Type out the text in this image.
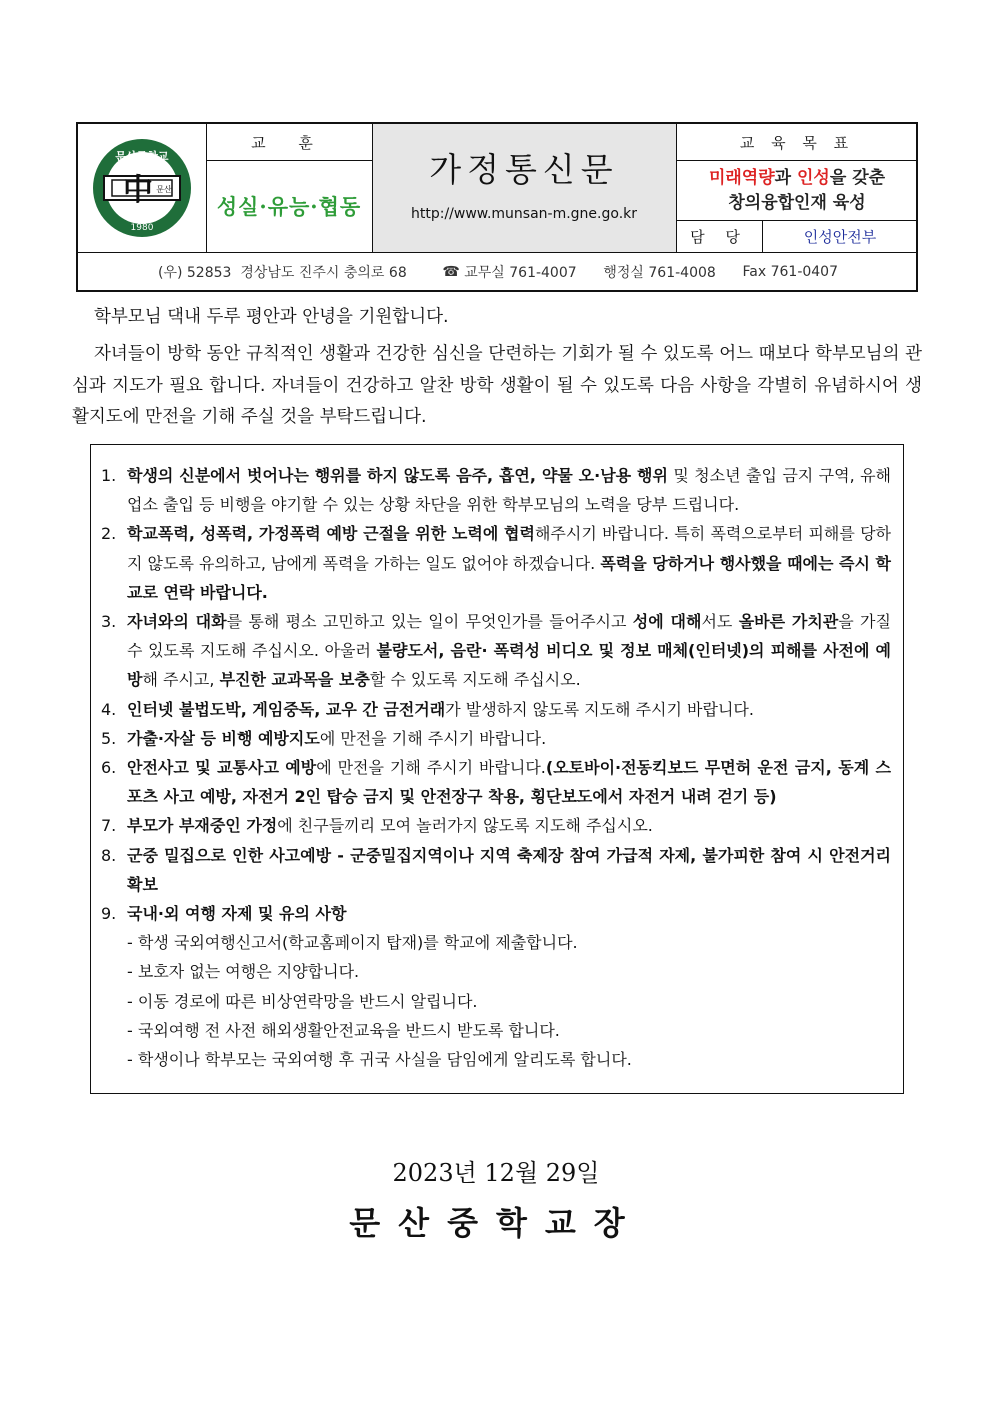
문산중학교
1980
中 문산
교 훈
성실·유능·협동
가정통신문
http://www.munsan-m.gne.go.kr
교 육 목 표
미래역량과 인성을 갖춘
창의융합인재 육성
담 당	인성안전부
(우) 52853  경상남도 진주시 충의로 68
	☎ 교무실 761-4007
행정실 761-4008
Fax 761-0407
학부모님 댁내 두루 평안과 안녕을 기원합니다.
자녀들이 방학 동안 규칙적인 생활과 건강한 심신을 단련하는 기회가 될 수 있도록 어느 때보다 학부모님의 관심과 지도가 필요 합니다. 자녀들이 건강하고 알찬 방학 생활이 될 수 있도록 다음 사항을 각별히 유념하시어 생활지도에 만전을 기해 주실 것을 부탁드립니다.
1. 학생의 신분에서 벗어나는 행위를 하지 않도록 음주, 흡연, 약물 오·남용 행위 및 청소년 출입 금지 구역, 유해 업소 출입 등 비행을 야기할 수 있는 상황 차단을 위한 학부모님의 노력을 당부 드립니다.
2. 학교폭력, 성폭력, 가정폭력 예방 근절을 위한 노력에 협력해주시기 바랍니다. 특히 폭력으로부터 피해를 당하지 않도록 유의하고, 남에게 폭력을 가하는 일도 없어야 하겠습니다. 폭력을 당하거나 행사했을 때에는 즉시 학교로 연락 바랍니다.
3. 자녀와의 대화를 통해 평소 고민하고 있는 일이 무엇인가를 들어주시고 성에 대해서도 올바른 가치관을 가질 수 있도록 지도해 주십시오. 아울러 불량도서, 음란· 폭력성 비디오 및 정보 매체(인터넷)의 피해를 사전에 예방해 주시고, 부진한 교과목을 보충할 수 있도록 지도해 주십시오.
4. 인터넷 불법도박, 게임중독, 교우 간 금전거래가 발생하지 않도록 지도해 주시기 바랍니다.
5. 가출·자살 등 비행 예방지도에 만전을 기해 주시기 바랍니다.
6. 안전사고 및 교통사고 예방에 만전을 기해 주시기 바랍니다.(오토바이·전동킥보드 무면허 운전 금지, 동계 스포츠 사고 예방, 자전거 2인 탑승 금지 및 안전장구 착용, 횡단보도에서 자전거 내려 걷기 등)
7. 부모가 부재중인 가정에 친구들끼리 모여 놀러가지 않도록 지도해 주십시오.
8. 군중 밀집으로 인한 사고예방 - 군중밀집지역이나 지역 축제장 참여 가급적 자제, 불가피한 참여 시 안전거리 확보
9. 국내·외 여행 자제 및 유의 사항
- 학생 국외여행신고서(학교홈페이지 탑재)를 학교에 제출합니다.
- 보호자 없는 여행은 지양합니다.
- 이동 경로에 따른 비상연락망을 반드시 알립니다.
- 국외여행 전 사전 해외생활안전교육을 반드시 받도록 합니다.
- 학생이나 학부모는 국외여행 후 귀국 사실을 담임에게 알리도록 합니다.
2023년 12월 29일
문산중학교장
